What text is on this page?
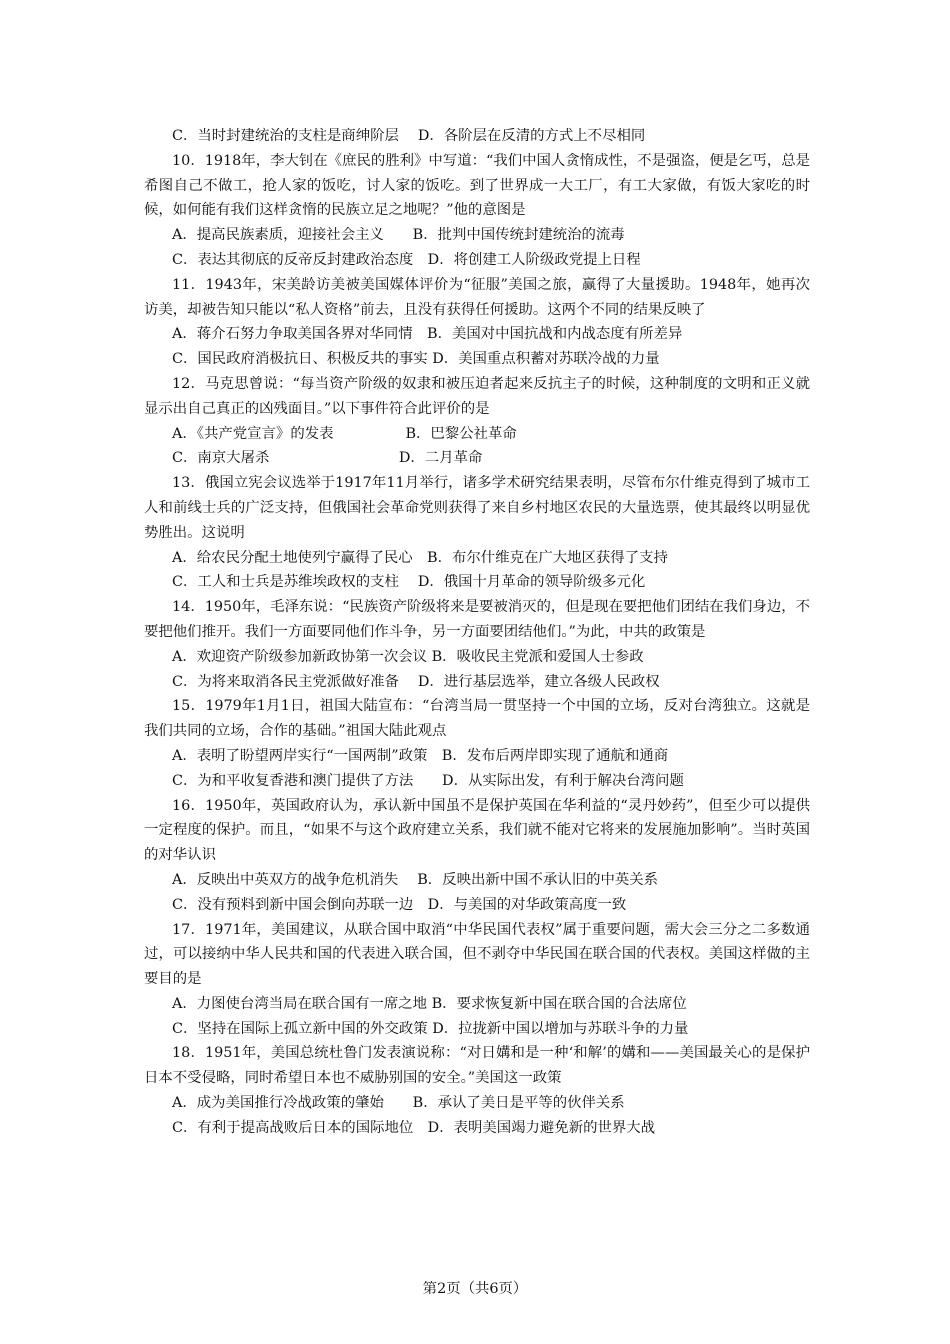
C．当时封建统治的支柱是商绅阶层　 D．各阶层在反清的方式上不尽相同

10．1918年，李大钊在《庶民的胜利》中写道：“我们中国人贪惰成性，不是强盗，便是乞丐，总是希图自己不做工，抢人家的饭吃，讨人家的饭吃。到了世界成一大工厂，有工大家做，有饭大家吃的时候，如何能有我们这样贪惰的民族立足之地呢？”他的意图是

A．提高民族素质，迎接社会主义　　B．批判中国传统封建统治的流毒

C．表达其彻底的反帝反封建政治态度　D．将创建工人阶级政党提上日程

11．1943年，宋美龄访美被美国媒体评价为“征服”美国之旅，赢得了大量援助。1948年，她再次访美，却被告知只能以“私人资格”前去，且没有获得任何援助。这两个不同的结果反映了

A．蒋介石努力争取美国各界对华同情　B．美国对中国抗战和内战态度有所差异

C．国民政府消极抗日、积极反共的事实 D．美国重点积蓄对苏联冷战的力量

12．马克思曾说：“每当资产阶级的奴隶和被压迫者起来反抗主子的时候，这种制度的文明和正义就显示出自己真正的凶残面目。”以下事件符合此评价的是

A．《共产党宣言》的发表　　　　　B．巴黎公社革命

C．南京大屠杀　　　　　　　　　D．二月革命

13．俄国立宪会议选举于1917年11月举行，诸多学术研究结果表明，尽管布尔什维克得到了城市工人和前线士兵的广泛支持，但俄国社会革命党则获得了来自乡村地区农民的大量选票，使其最终以明显优势胜出。这说明

A．给农民分配土地使列宁赢得了民心　B．布尔什维克在广大地区获得了支持

C．工人和士兵是苏维埃政权的支柱　 D．俄国十月革命的领导阶级多元化

14．1950年，毛泽东说：“民族资产阶级将来是要被消灭的，但是现在要把他们团结在我们身边，不要把他们推开。我们一方面要同他们作斗争，另一方面要团结他们。”为此，中共的政策是

A．欢迎资产阶级参加新政协第一次会议 B．吸收民主党派和爱国人士参政

C．为将来取消各民主党派做好准备　 D．进行基层选举，建立各级人民政权

15．1979年1月1日，祖国大陆宣布：“台湾当局一贯坚持一个中国的立场，反对台湾独立。这就是我们共同的立场，合作的基础。”祖国大陆此观点

A．表明了盼望两岸实行“一国两制”政策　B．发布后两岸即实现了通航和通商

C．为和平收复香港和澳门提供了方法　　D．从实际出发，有利于解决台湾问题

16．1950年，英国政府认为，承认新中国虽不是保护英国在华利益的“灵丹妙药”，但至少可以提供一定程度的保护。而且，“如果不与这个政府建立关系，我们就不能对它将来的发展施加影响”。当时英国的对华认识

A．反映出中英双方的战争危机消失　 B．反映出新中国不承认旧的中英关系

C．没有预料到新中国会倒向苏联一边　D．与美国的对华政策高度一致

17．1971年，美国建议，从联合国中取消“中华民国代表权”属于重要问题，需大会三分之二多数通过，可以接纳中华人民共和国的代表进入联合国，但不剥夺中华民国在联合国的代表权。美国这样做的主要目的是

A．力图使台湾当局在联合国有一席之地 B．要求恢复新中国在联合国的合法席位

C．坚持在国际上孤立新中国的外交政策 D．拉拢新中国以增加与苏联斗争的力量

18．1951年，美国总统杜鲁门发表演说称：“对日媾和是一种‘和解’的媾和——美国最关心的是保护日本不受侵略，同时希望日本也不威胁别国的安全。”美国这一政策

A．成为美国推行冷战政策的肇始　　B．承认了美日是平等的伙伴关系

C．有利于提高战败后日本的国际地位　D．表明美国竭力避免新的世界大战

第2页（共6页）
